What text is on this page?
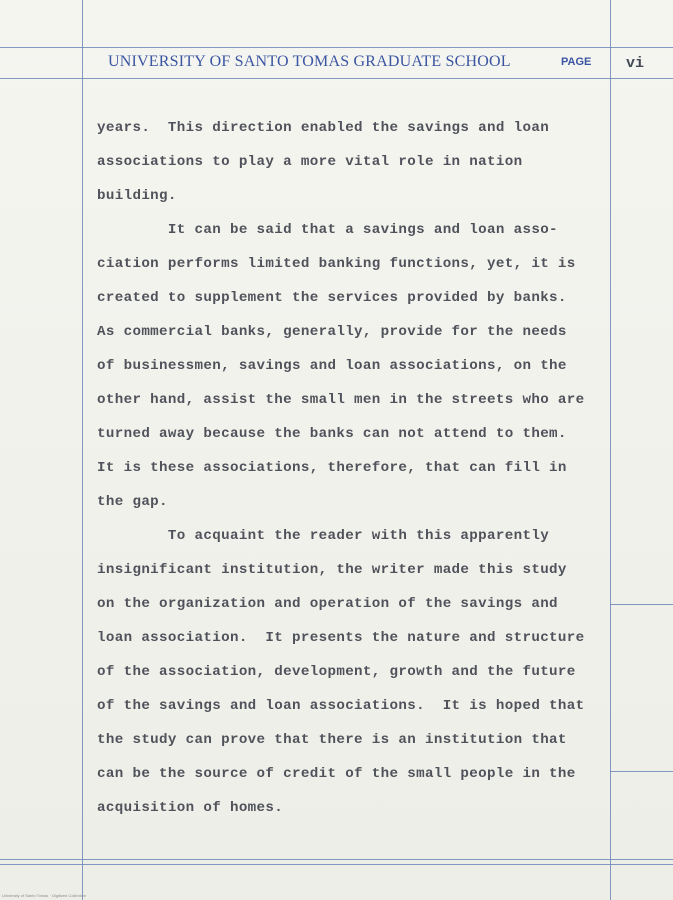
UNIVERSITY OF SANTO TOMAS GRADUATE SCHOOL	PAGE vi
years.  This direction enabled the savings and loan
associations to play a more vital role in nation
building.
It can be said that a savings and loan asso-
ciation performs limited banking functions, yet, it is
created to supplement the services provided by banks.
As commercial banks, generally, provide for the needs
of businessmen, savings and loan associations, on the
other hand, assist the small men in the streets who are
turned away because the banks can not attend to them.
It is these associations, therefore, that can fill in
the gap.
To acquaint the reader with this apparently
insignificant institution, the writer made this study
on the organization and operation of the savings and
loan association.  It presents the nature and structure
of the association, development, growth and the future
of the savings and loan associations.  It is hoped that
the study can prove that there is an institution that
can be the source of credit of the small people in the
acquisition of homes.
University of Santo Tomas · Digitized Collection
